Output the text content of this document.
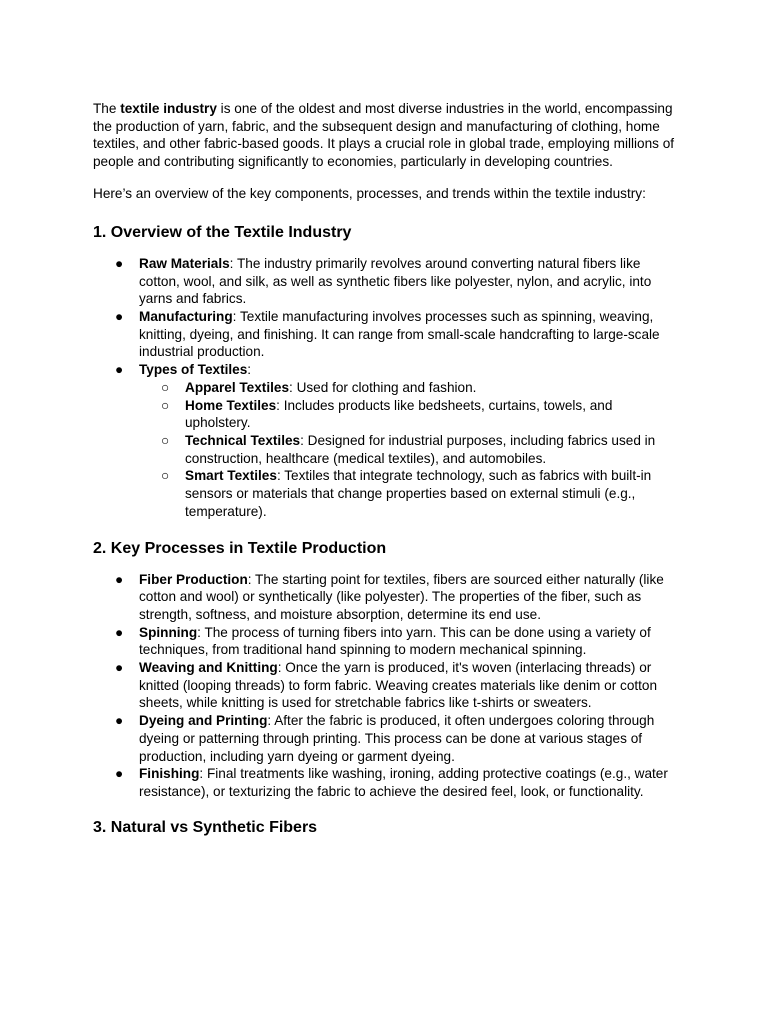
The textile industry is one of the oldest and most diverse industries in the world, encompassing the production of yarn, fabric, and the subsequent design and manufacturing of clothing, home textiles, and other fabric-based goods. It plays a crucial role in global trade, employing millions of people and contributing significantly to economies, particularly in developing countries.

Here’s an overview of the key components, processes, and trends within the textile industry:

1. Overview of the Textile Industry
● Raw Materials: The industry primarily revolves around converting natural fibers like cotton, wool, and silk, as well as synthetic fibers like polyester, nylon, and acrylic, into yarns and fabrics.
● Manufacturing: Textile manufacturing involves processes such as spinning, weaving, knitting, dyeing, and finishing. It can range from small-scale handcrafting to large-scale industrial production.
● Types of Textiles:
○ Apparel Textiles: Used for clothing and fashion.
○ Home Textiles: Includes products like bedsheets, curtains, towels, and upholstery.
○ Technical Textiles: Designed for industrial purposes, including fabrics used in construction, healthcare (medical textiles), and automobiles.
○ Smart Textiles: Textiles that integrate technology, such as fabrics with built-in sensors or materials that change properties based on external stimuli (e.g., temperature).
2. Key Processes in Textile Production
● Fiber Production: The starting point for textiles, fibers are sourced either naturally (like cotton and wool) or synthetically (like polyester). The properties of the fiber, such as strength, softness, and moisture absorption, determine its end use.
● Spinning: The process of turning fibers into yarn. This can be done using a variety of techniques, from traditional hand spinning to modern mechanical spinning.
● Weaving and Knitting: Once the yarn is produced, it's woven (interlacing threads) or knitted (looping threads) to form fabric. Weaving creates materials like denim or cotton sheets, while knitting is used for stretchable fabrics like t-shirts or sweaters.
● Dyeing and Printing: After the fabric is produced, it often undergoes coloring through dyeing or patterning through printing. This process can be done at various stages of production, including yarn dyeing or garment dyeing.
● Finishing: Final treatments like washing, ironing, adding protective coatings (e.g., water resistance), or texturizing the fabric to achieve the desired feel, look, or functionality.
3. Natural vs Synthetic Fibers
